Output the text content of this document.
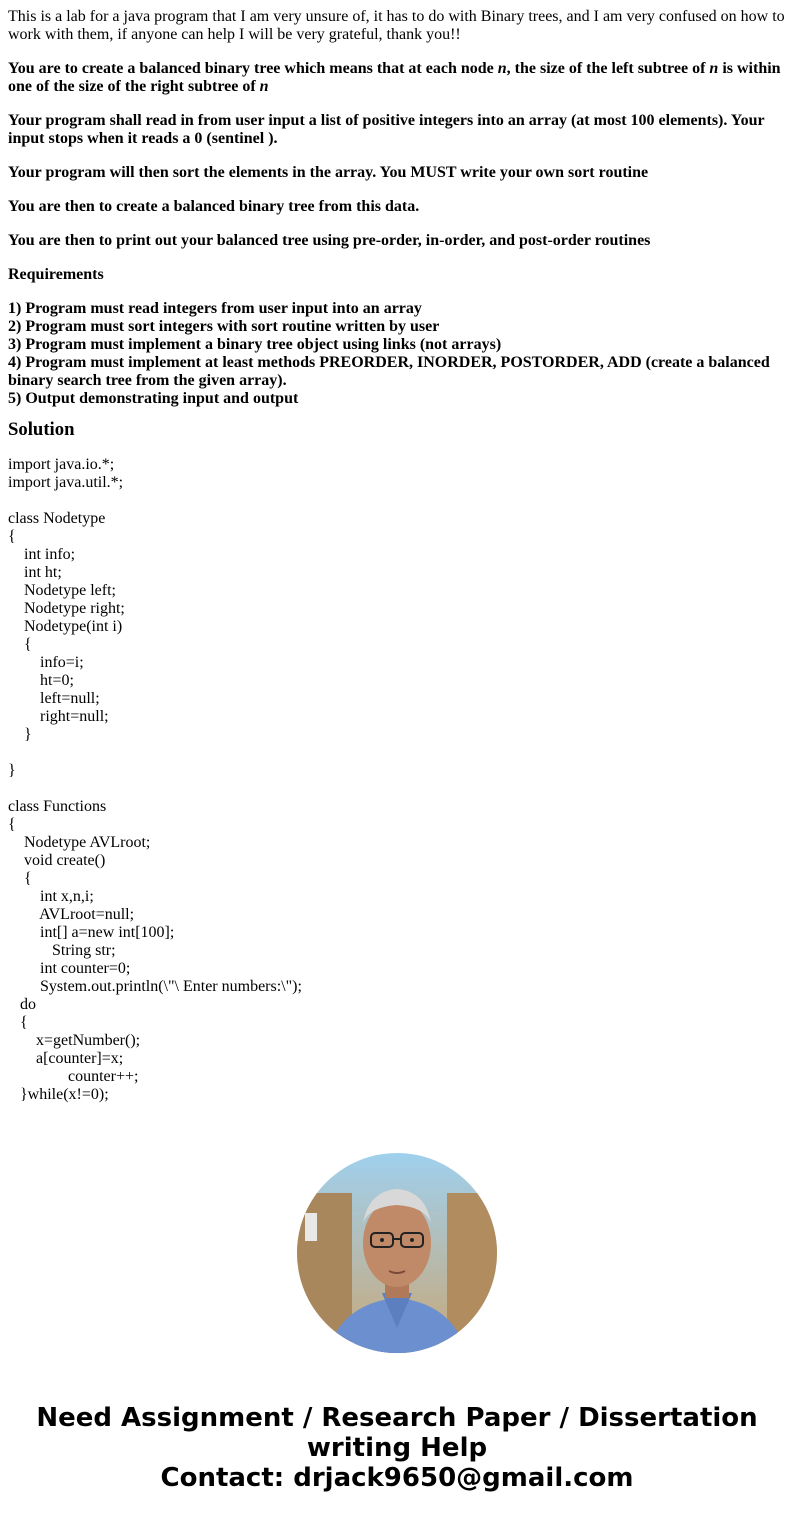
This is a lab for a java program that I am very unsure of, it has to do with Binary trees, and I am very confused on how to work with them, if anyone can help I will be very grateful, thank you!!

You are to create a balanced binary tree which means that at each node n, the size of the left subtree of n is within one of the size of the right subtree of n

Your program shall read in from user input a list of positive integers into an array (at most 100 elements). Your input stops when it reads a 0 (sentinel ).

Your program will then sort the elements in the array. You MUST write your own sort routine

You are then to create a balanced binary tree from this data.

You are then to print out your balanced tree using pre-order, in-order, and post-order routines

Requirements

1) Program must read integers from user input into an array
2) Program must sort integers with sort routine written by user
3) Program must implement a binary tree object using links (not arrays)
4) Program must implement at least methods PREORDER, INORDER, POSTORDER, ADD (create a balanced binary search tree from the given array).
5) Output demonstrating input and output
Solution
import java.io.*;
import java.util.*;
class Nodetype
{
int info;
int ht;
Nodetype left;
Nodetype right;
Nodetype(int i)
{
info=i;
ht=0;
left=null;
right=null;
}
}
class Functions
{
Nodetype AVLroot;
void create()
{
int x,n,i;
AVLroot=null;
int[] a=new int[100];
String str;
int counter=0;
System.out.println(\"\ Enter numbers:\");
do
{
x=getNumber();
a[counter]=x;
counter++;
}while(x!=0);
Need Assignment / Research Paper / Dissertation
writing Help
Contact: drjack9650@gmail.com
